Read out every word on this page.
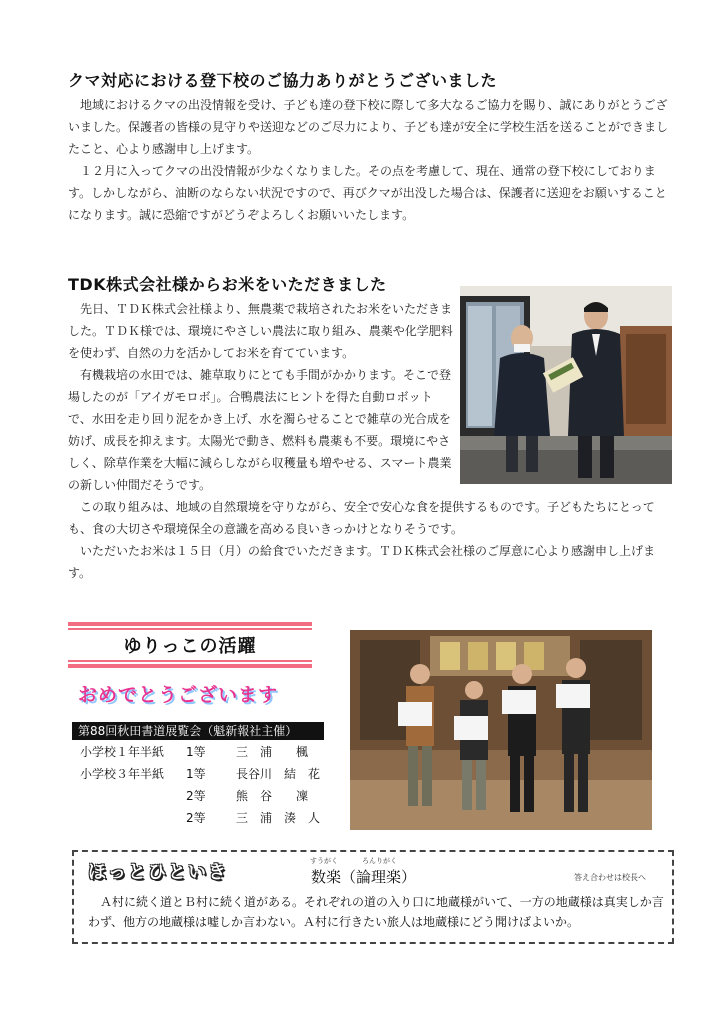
クマ対応における登下校のご協力ありがとうございました

地域におけるクマの出没情報を受け、子ども達の登下校に際して多大なるご協力を賜り、誠にありがとうございました。保護者の皆様の見守りや送迎などのご尽力により、子ども達が安全に学校生活を送ることができましたこと、心より感謝申し上げます。

１２月に入ってクマの出没情報が少なくなりました。その点を考慮して、現在、通常の登下校にしております。しかしながら、油断のならない状況ですので、再びクマが出没した場合は、保護者に送迎をお願いすることになります。誠に恐縮ですがどうぞよろしくお願いいたします。

TDK株式会社様からお米をいただきました

先日、ＴＤＫ株式会社様より、無農薬で栽培されたお米をいただきました。ＴＤＫ様では、環境にやさしい農法に取り組み、農薬や化学肥料を使わず、自然の力を活かしてお米を育てています。

有機栽培の水田では、雑草取りにとても手間がかかります。そこで登場したのが「アイガモロボ」。合鴨農法にヒントを得た自動ロボットで、水田を走り回り泥をかき上げ、水を濁らせることで雑草の光合成を妨げ、成長を抑えます。太陽光で動き、燃料も農薬も不要。環境にやさしく、除草作業を大幅に減らしながら収穫量も増やせる、スマート農業の新しい仲間だそうです。

この取り組みは、地域の自然環境を守りながら、安全で安心な食を提供するものです。子どもたちにとっても、食の大切さや環境保全の意識を高める良いきっかけとなりそうです。

いただいたお米は１５日（月）の給食でいただきます。ＴＤＫ株式会社様のご厚意に心より感謝申し上げます。

ゆりっこの活躍
おめでとうございます
第88回秋田書道展覧会（魁新報社主催）
小学校１年半紙 1等	三　浦　　楓
小学校３年半紙 1等	長谷川　結　花
2等	熊　谷　　凜
2等	三　浦　湊　人
ほっとひといき
すうがく	ろんりがく
数楽（論理楽）	答え合わせは校長へ
Ａ村に続く道とＢ村に続く道がある。それぞれの道の入り口に地蔵様がいて、一方の地蔵様は真実しか言わず、他方の地蔵様は嘘しか言わない。Ａ村に行きたい旅人は地蔵様にどう聞けばよいか。
